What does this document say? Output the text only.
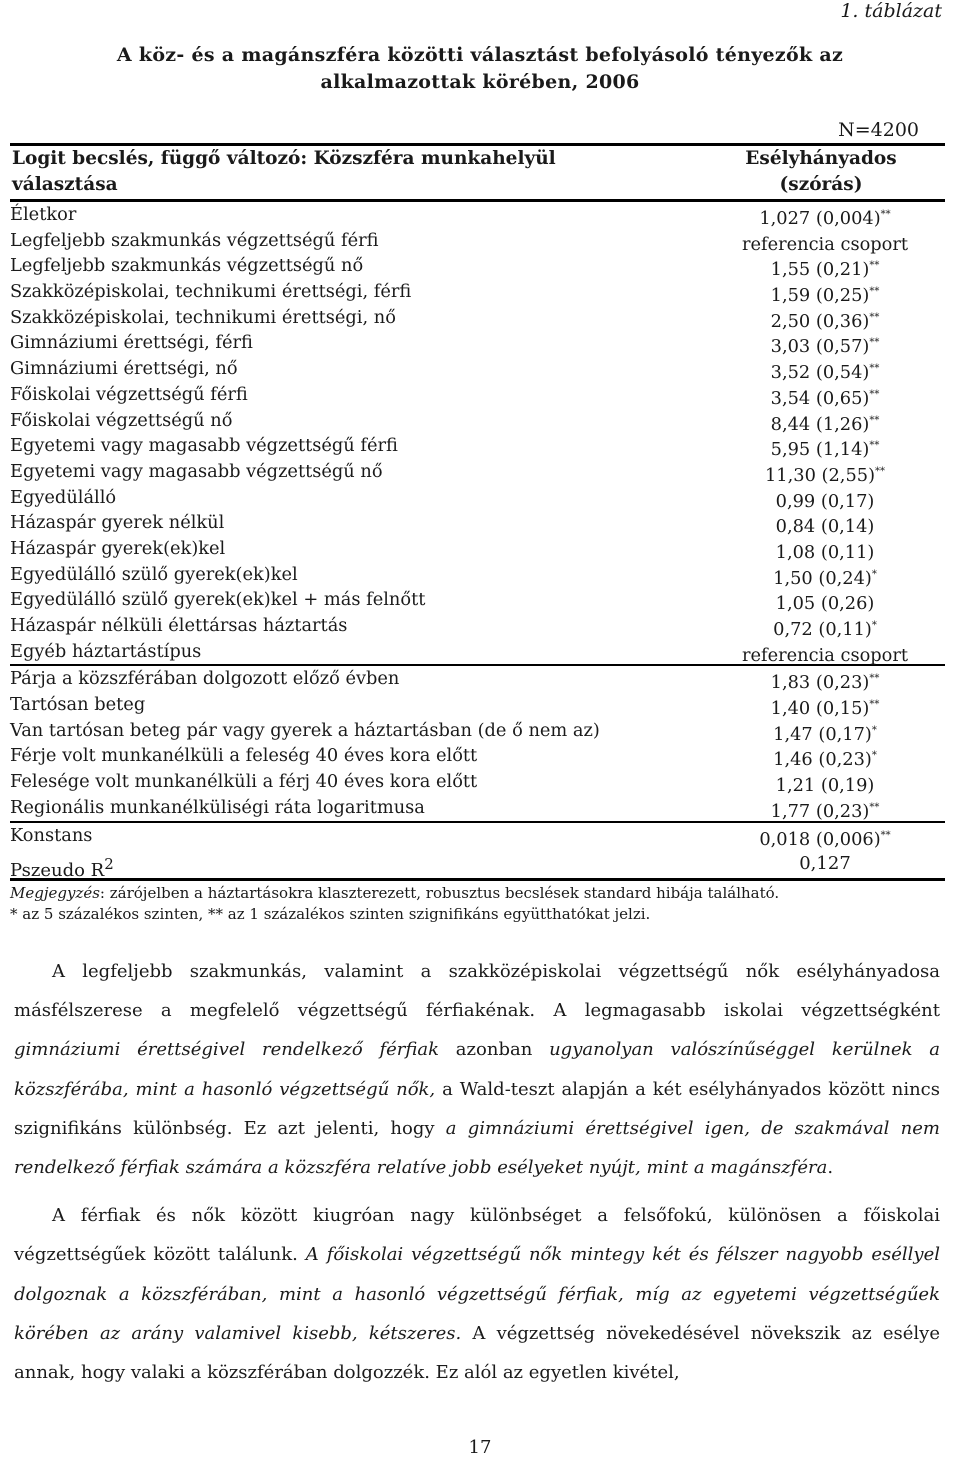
1. táblázat
A köz- és a magánszféra közötti választást befolyásoló tényezők az
alkalmazottak körében, 2006
N=4200
Logit becslés, függő változó: Közszféra munkahelyül
választása
Esélyhányados
(szórás)
Életkor	1,027 (0,004)**
Legfeljebb szakmunkás végzettségű férfi	referencia csoport
Legfeljebb szakmunkás végzettségű nő	1,55 (0,21)**
Szakközépiskolai, technikumi érettségi, férfi	1,59 (0,25)**
Szakközépiskolai, technikumi érettségi, nő	2,50 (0,36)**
Gimnáziumi érettségi, férfi	3,03 (0,57)**
Gimnáziumi érettségi, nő	3,52 (0,54)**
Főiskolai végzettségű férfi	3,54 (0,65)**
Főiskolai végzettségű nő	8,44 (1,26)**
Egyetemi vagy magasabb végzettségű férfi	5,95 (1,14)**
Egyetemi vagy magasabb végzettségű nő	11,30 (2,55)**
Egyedülálló	0,99 (0,17)
Házaspár gyerek nélkül	0,84 (0,14)
Házaspár gyerek(ek)kel	1,08 (0,11)
Egyedülálló szülő gyerek(ek)kel	1,50 (0,24)*
Egyedülálló szülő gyerek(ek)kel + más felnőtt	1,05 (0,26)
Házaspár nélküli élettársas háztartás	0,72 (0,11)*
Egyéb háztartástípus	referencia csoport
Párja a közszférában dolgozott előző évben	1,83 (0,23)**
Tartósan beteg	1,40 (0,15)**
Van tartósan beteg pár vagy gyerek a háztartásban (de ő nem az)	1,47 (0,17)*
Férje volt munkanélküli a feleség 40 éves kora előtt	1,46 (0,23)*
Felesége volt munkanélküli a férj 40 éves kora előtt	1,21 (0,19)
Regionális munkanélküliségi ráta logaritmusa	1,77 (0,23)**
Konstans	0,018 (0,006)**
Pszeudo $R^2$	0,127
Megjegyzés: zárójelben a háztartásokra klaszterezett, robusztus becslések standard hibája található.
* az 5 százalékos szinten, ** az 1 százalékos szinten szignifikáns együtthatókat jelzi.

A legfeljebb szakmunkás, valamint a szakközépiskolai végzettségű nők esélyhányadosa másfélszerese a megfelelő végzettségű férfiakénak. A legmagasabb iskolai végzettségként gimnáziumi érettségivel rendelkező férfiak azonban ugyanolyan valószínűséggel kerülnek a közszférába, mint a hasonló végzettségű nők, a Wald-teszt alapján a két esélyhányados között nincs szignifikáns különbség. Ez azt jelenti, hogy a gimnáziumi érettségivel igen, de szakmával nem rendelkező férfiak számára a közszféra relatíve jobb esélyeket nyújt, mint a magánszféra.

A férfiak és nők között kiugróan nagy különbséget a felsőfokú, különösen a főiskolai végzettségűek között találunk. A főiskolai végzettségű nők mintegy két és félszer nagyobb eséllyel dolgoznak a közszférában, mint a hasonló végzettségű férfiak, míg az egyetemi végzettségűek körében az arány valamivel kisebb, kétszeres. A végzettség növekedésével növekszik az esélye annak, hogy valaki a közszférában dolgozzék. Ez alól az egyetlen kivétel,

17
